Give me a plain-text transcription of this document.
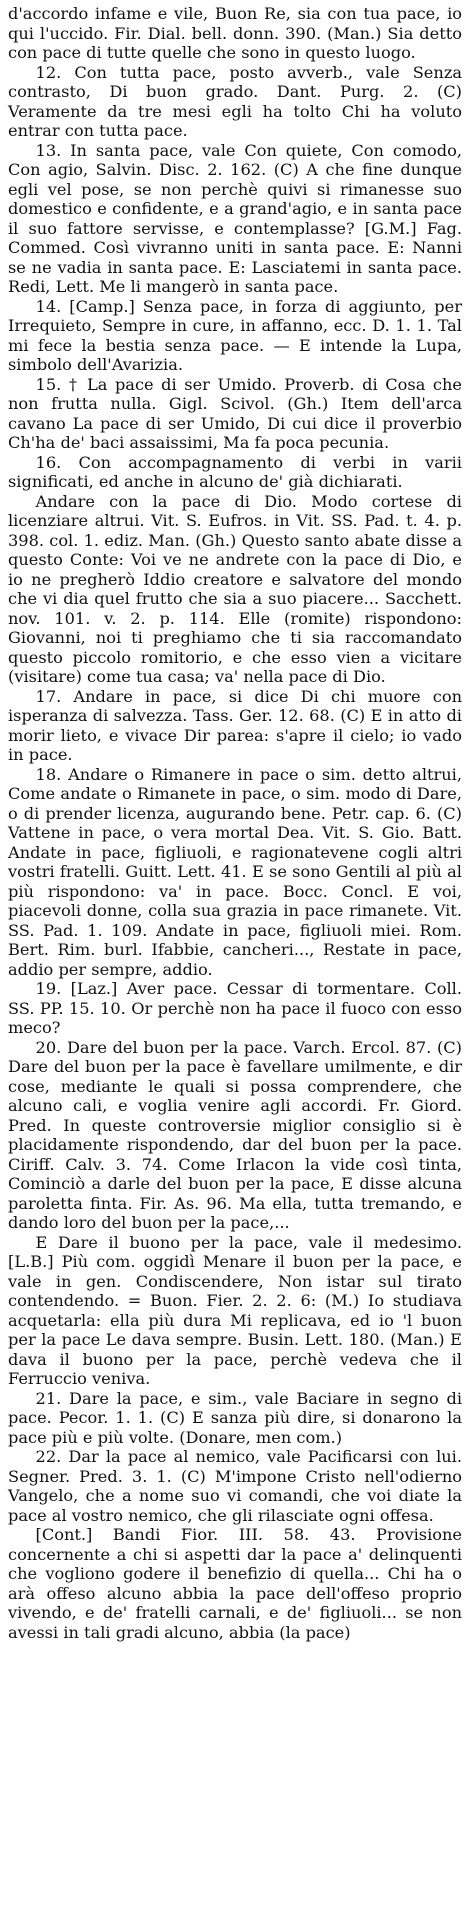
d'accordo infame e vile, Buon Re, sia con tua pace, io qui l'uccido. Fir. Dial. bell. donn. 390. (Man.) Sia detto con pace di tutte quelle che sono in questo luogo.

12. Con tutta pace, posto avverb., vale Senza contrasto, Di buon grado. Dant. Purg. 2. (C) Veramente da tre mesi egli ha tolto Chi ha voluto entrar con tutta pace.

13. In santa pace, vale Con quiete, Con comodo, Con agio, Salvin. Disc. 2. 162. (C) A che fine dunque egli vel pose, se non perchè quivi si rimanesse suo domestico e confidente, e a grand'agio, e in santa pace il suo fattore servisse, e contemplasse? [G.M.] Fag. Commed. Così vivranno uniti in santa pace. E: Nanni se ne vadia in santa pace. E: Lasciatemi in santa pace. Redi, Lett. Me li mangerò in santa pace.

14. [Camp.] Senza pace, in forza di aggiunto, per Irrequieto, Sempre in cure, in affanno, ecc. D. 1. 1. Tal mi fece la bestia senza pace. — E intende la Lupa, simbolo dell'Avarizia.

15. † La pace di ser Umido. Proverb. di Cosa che non frutta nulla. Gigl. Scivol. (Gh.) Item dell'arca cavano La pace di ser Umido, Di cui dice il proverbio Ch'ha de' baci assaissimi, Ma fa poca pecunia.

16. Con accompagnamento di verbi in varii significati, ed anche in alcuno de' già dichiarati.

Andare con la pace di Dio. Modo cortese di licenziare altrui. Vit. S. Eufros. in Vit. SS. Pad. t. 4. p. 398. col. 1. ediz. Man. (Gh.) Questo santo abate disse a questo Conte: Voi ve ne andrete con la pace di Dio, e io ne pregherò Iddio creatore e salvatore del mondo che vi dia quel frutto che sia a suo piacere... Sacchett. nov. 101. v. 2. p. 114. Elle (romite) rispondono: Giovanni, noi ti preghiamo che ti sia raccomandato questo piccolo romitorio, e che esso vien a vicitare (visitare) come tua casa; va' nella pace di Dio.

17. Andare in pace, si dice Di chi muore con isperanza di salvezza. Tass. Ger. 12. 68. (C) E in atto di morir lieto, e vivace Dir parea: s'apre il cielo; io vado in pace.

18. Andare o Rimanere in pace o sim. detto altrui, Come andate o Rimanete in pace, o sim. modo di Dare, o di prender licenza, augurando bene. Petr. cap. 6. (C) Vattene in pace, o vera mortal Dea. Vit. S. Gio. Batt. Andate in pace, figliuoli, e ragionatevene cogli altri vostri fratelli. Guitt. Lett. 41. E se sono Gentili al più al più rispondono: va' in pace. Bocc. Concl. E voi, piacevoli donne, colla sua grazia in pace rimanete. Vit. SS. Pad. 1. 109. Andate in pace, figliuoli miei. Rom. Bert. Rim. burl. Ifabbie, cancheri..., Restate in pace, addio per sempre, addio.

19. [Laz.] Aver pace. Cessar di tormentare. Coll. SS. PP. 15. 10. Or perchè non ha pace il fuoco con esso meco?

20. Dare del buon per la pace. Varch. Ercol. 87. (C) Dare del buon per la pace è favellare umilmente, e dir cose, mediante le quali si possa comprendere, che alcuno cali, e voglia venire agli accordi. Fr. Giord. Pred. In queste controversie miglior consiglio si è placidamente rispondendo, dar del buon per la pace. Ciriff. Calv. 3. 74. Come Irlacon la vide così tinta, Cominciò a darle del buon per la pace, E disse alcuna paroletta finta. Fir. As. 96. Ma ella, tutta tremando, e dando loro del buon per la pace,...

E Dare il buono per la pace, vale il medesimo. [L.B.] Più com. oggidì Menare il buon per la pace, e vale in gen. Condiscendere, Non istar sul tirato contendendo. = Buon. Fier. 2. 2. 6: (M.) Io studiava acquetarla: ella più dura Mi replicava, ed io 'l buon per la pace Le dava sempre. Busin. Lett. 180. (Man.) E dava il buono per la pace, perchè vedeva che il Ferruccio veniva.

21. Dare la pace, e sim., vale Baciare in segno di pace. Pecor. 1. 1. (C) E sanza più dire, si donarono la pace più e più volte. (Donare, men com.)

22. Dar la pace al nemico, vale Pacificarsi con lui. Segner. Pred. 3. 1. (C) M'impone Cristo nell'odierno Vangelo, che a nome suo vi comandi, che voi diate la pace al vostro nemico, che gli rilasciate ogni offesa.

[Cont.] Bandi Fior. III. 58. 43. Provisione concernente a chi si aspetti dar la pace a' delinquenti che vogliono godere il benefizio di quella... Chi ha o arà offeso alcuno abbia la pace dell'offeso proprio vivendo, e de' fratelli carnali, e de' figliuoli... se non avessi in tali gradi alcuno, abbia (la pace)
